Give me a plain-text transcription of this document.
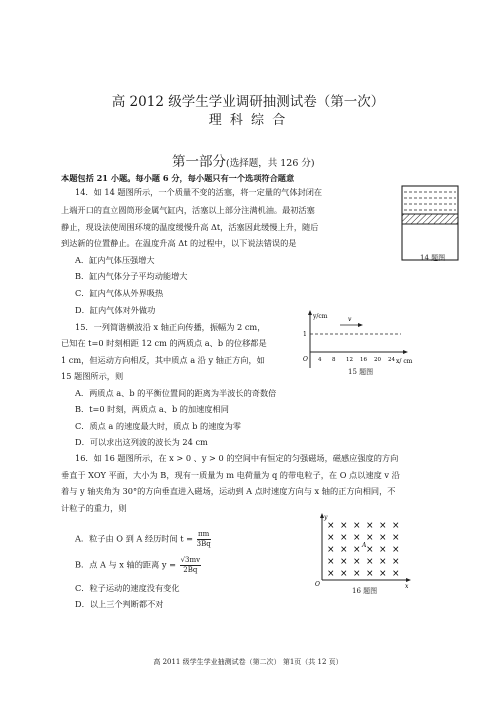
高 2012 级学生学业调研抽测试卷（第一次）
理 科 综 合
第一部分(选择题，共 126 分)
本题包括 21 小题。每小题 6 分，每小题只有一个选项符合题意
14．如 14 题图所示，一个质量不变的活塞，将一定量的气体封闭在
上端开口的直立圆筒形金属气缸内，活塞以上部分注满机油。最初活塞
静止，现设法使周围环境的温度缓慢升高 Δt，活塞因此缓慢上升，随后
到达新的位置静止。在温度升高 Δt 的过程中，以下说法错误的是
A．缸内气体压强增大
B．缸内气体分子平均动能增大
C．缸内气体从外界吸热
D．缸内气体对外做功
14 题图
15．一列简谐横波沿 x 轴正向传播，振幅为 2 cm，
已知在 t=0 时刻相距 12 cm 的两质点 a、b 的位移都是
1 cm，但运动方向相反，其中质点 a 沿 y 轴正方向，如
15 题图所示，则
A．两质点 a、b 的平衡位置间的距离为半波长的奇数倍
B．t=0 时刻，两质点 a、b 的加速度相同
C．质点 a 的速度最大时，质点 b 的速度为零
D．可以求出这列波的波长为 24 cm
y/cm	v
1
O 4 8 12 16 20 24 x/ cm
15 题图
16．如 16 题图所示，在 x > 0 、y > 0 的空间中有恒定的匀强磁场，磁感应强度的方向
垂直于 XOY 平面，大小为 B，现有一质量为 m 电荷量为 q 的带电粒子，在 O 点以速度 v 沿
着与 y 轴夹角为 30°的方向垂直进入磁场，运动到 A 点时速度方向与 x 轴的正方向相同，不
计粒子的重力，则
A．粒子由 O 到 A 经历时间 $t = \frac{\pi m}{3Bq}$
B．点 A 与 x 轴的距离 $y = \frac{√3mv}{2Bq}$
C．粒子运动的速度没有变化
D．以上三个判断都不对
× × × × × ×
× × × × × ×
× × × × × ×
× × × × × ×
× × × × × ×
y
x
O
A
16 题图
高 2011 级学生学业抽测试卷（第二次） 第1页（共 12 页）
